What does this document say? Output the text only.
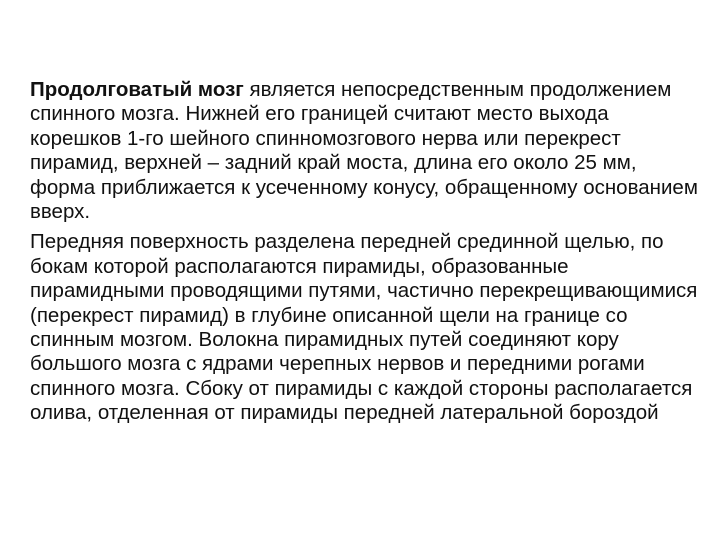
Продолговатый мозг является непосредственным продолжением спинного мозга. Нижней его границей считают место выхода корешков 1-го шейного спинномозгового нерва или перекрест пирамид, верхней – задний край моста, длина его около 25 мм, форма приближается к усеченному конусу, обращенному основанием вверх.

Передняя поверхность разделена передней срединной щелью, по бокам которой располагаются пирамиды, образованные пирамидными проводящими путями, частично перекрещивающимися (перекрест пирамид) в глубине описанной щели на границе со спинным мозгом. Волокна пирамидных путей соединяют кору большого мозга с ядрами черепных нервов и передними рогами спинного мозга. Сбоку от пирамиды с каждой стороны располагается олива, отделенная от пирамиды передней латеральной бороздой
